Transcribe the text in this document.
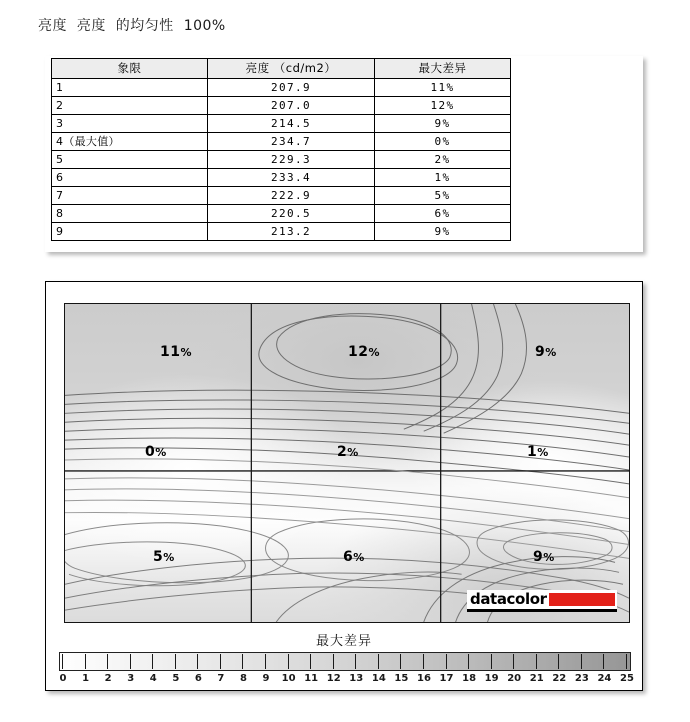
亮度  亮度  的均匀性  100%
象限	亮度 （cd/m2）	最大差异
1	207.9	11%
2	207.0	12%
3	214.5	9%
4（最大值）	234.7	0%
5	229.3	2%
6	233.4	1%
7	222.9	5%
8	220.5	6%
9	213.2	9%
11%	12%	9%
0%	2%	1%
5%	6%	9%
datacolor
最大差异
0 1 2 3 4 5 6 7 8 9 10 11 12 13 14 15 16 17 18 19 20 21 22 23 24 25
